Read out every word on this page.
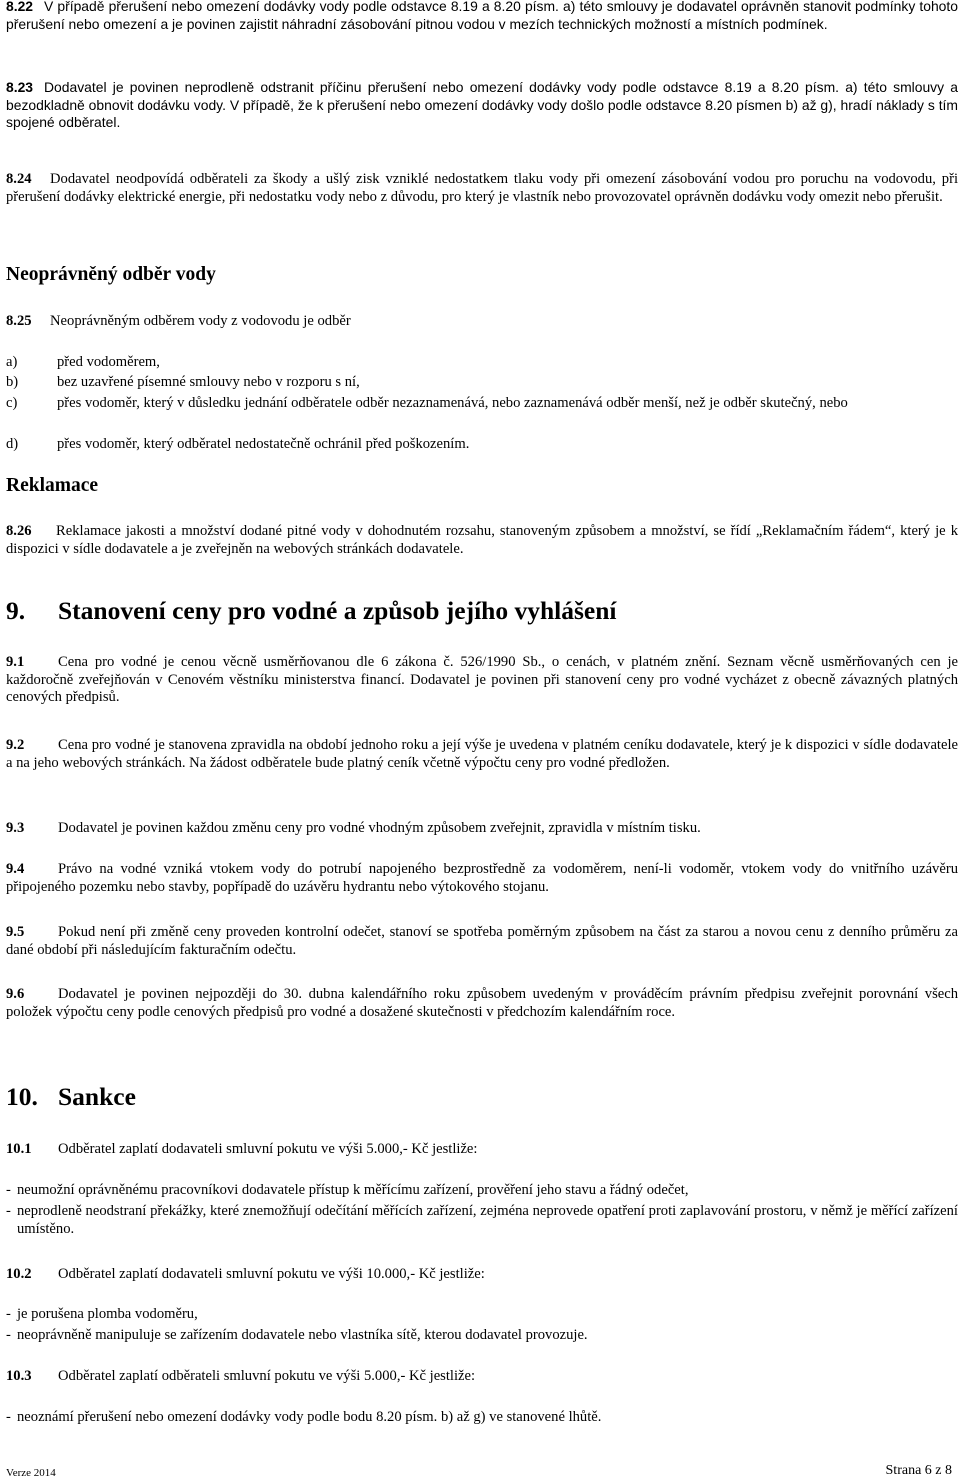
8.22 V případě přerušení nebo omezení dodávky vody podle odstavce 8.19 a 8.20 písm. a) této smlouvy je dodavatel oprávněn stanovit podmínky tohoto přerušení nebo omezení a je povinen zajistit náhradní zásobování pitnou vodou v mezích technických možností a místních podmínek.

8.23 Dodavatel je povinen neprodleně odstranit příčinu přerušení nebo omezení dodávky vody podle odstavce 8.19 a 8.20 písm. a) této smlouvy a bezodkladně obnovit dodávku vody. V případě, že k přerušení nebo omezení dodávky vody došlo podle odstavce 8.20 písmen b) až g), hradí náklady s tím spojené odběratel.

8.24 Dodavatel neodpovídá odběrateli za škody a ušlý zisk vzniklé nedostatkem tlaku vody při omezení zásobování vodou pro poruchu na vodovodu, při přerušení dodávky elektrické energie, při nedostatku vody nebo z důvodu, pro který je vlastník nebo provozovatel oprávněn dodávku vody omezit nebo přerušit.

Neoprávněný odběr vody

8.25 Neoprávněným odběrem vody z vodovodu je odběr

a)	před vodoměrem,
b)	bez uzavřené písemné smlouvy nebo v rozporu s ní,
c)	přes vodoměr, který v důsledku jednání odběratele odběr nezaznamenává, nebo zaznamenává odběr menší, než je odběr skutečný, nebo
d)	přes vodoměr, který odběratel nedostatečně ochránil před poškozením.
Reklamace

8.26 Reklamace jakosti a množství dodané pitné vody v dohodnutém rozsahu, stanoveným způsobem a množství, se řídí „Reklamačním řádem“, který je k dispozici v sídle dodavatele a je zveřejněn na webových stránkách dodavatele.

9. Stanovení ceny pro vodné a způsob jejího vyhlášení

9.1 Cena pro vodné je cenou věcně usměrňovanou dle 6 zákona č. 526/1990 Sb., o cenách, v platném znění. Seznam věcně usměrňovaných cen je každoročně zveřejňován v Cenovém věstníku ministerstva financí. Dodavatel je povinen při stanovení ceny pro vodné vycházet z obecně závazných platných cenových předpisů.

9.2 Cena pro vodné je stanovena zpravidla na období jednoho roku a její výše je uvedena v platném ceníku dodavatele, který je k dispozici v sídle dodavatele a na jeho webových stránkách. Na žádost odběratele bude platný ceník včetně výpočtu ceny pro vodné předložen.

9.3 Dodavatel je povinen každou změnu ceny pro vodné vhodným způsobem zveřejnit, zpravidla v místním tisku.

9.4 Právo na vodné vzniká vtokem vody do potrubí napojeného bezprostředně za vodoměrem, není-li vodoměr, vtokem vody do vnitřního uzávěru připojeného pozemku nebo stavby, popřípadě do uzávěru hydrantu nebo výtokového stojanu.

9.5 Pokud není při změně ceny proveden kontrolní odečet, stanoví se spotřeba poměrným způsobem na část za starou a novou cenu z denního průměru za dané období při následujícím fakturačním odečtu.

9.6 Dodavatel je povinen nejpozději do 30. dubna kalendářního roku způsobem uvedeným v prováděcím právním předpisu zveřejnit porovnání všech položek výpočtu ceny podle cenových předpisů pro vodné a dosažené skutečnosti v předchozím kalendářním roce.

10. Sankce

10.1 Odběratel zaplatí dodavateli smluvní pokutu ve výši 5.000,- Kč jestliže:

- neumožní oprávněnému pracovníkovi dodavatele přístup k měřícímu zařízení, prověření jeho stavu a řádný odečet,
- neprodleně neodstraní překážky, které znemožňují odečítání měřících zařízení, zejména neprovede opatření proti zaplavování prostoru, v němž je měřící zařízení umístěno.

10.2 Odběratel zaplatí dodavateli smluvní pokutu ve výši 10.000,- Kč jestliže:

- je porušena plomba vodoměru,
- neoprávněně manipuluje se zařízením dodavatele nebo vlastníka sítě, kterou dodavatel provozuje.

10.3 Odběratel zaplatí odběrateli smluvní pokutu ve výši 5.000,- Kč jestliže:

- neoznámí přerušení nebo omezení dodávky vody podle bodu 8.20 písm. b) až g) ve stanovené lhůtě.
Verze 2014	Strana 6 z 8
